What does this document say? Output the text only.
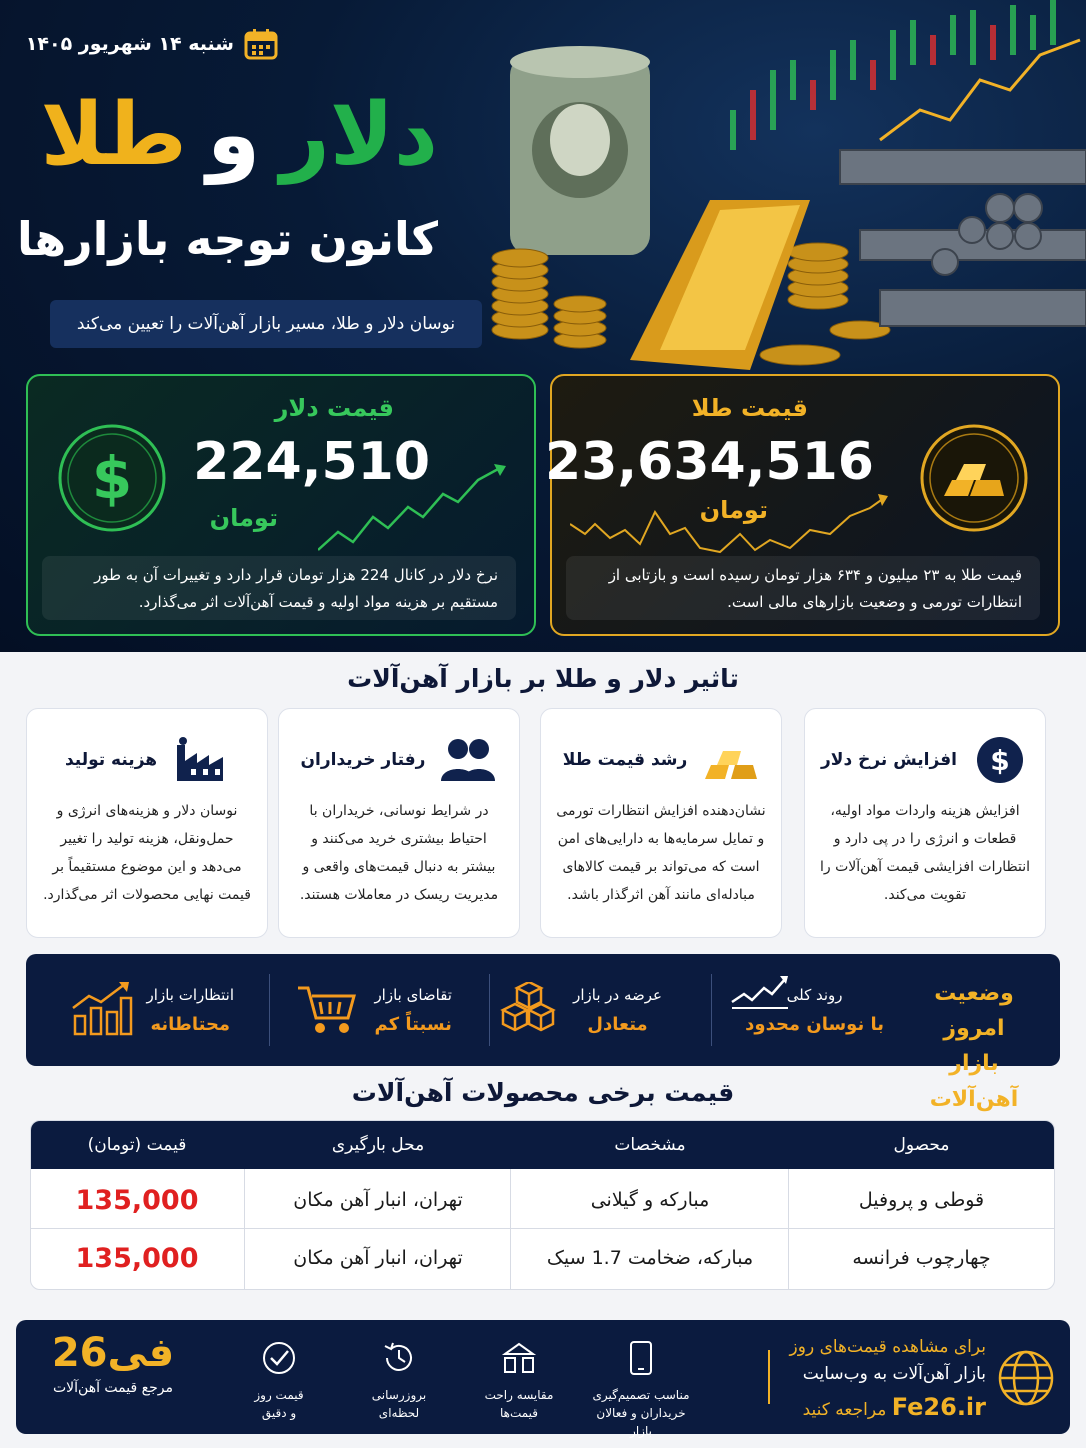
شنبه ۱۴ شهریور ۱۴۰۵
دلار
و
طلا
کانون توجه بازارها
نوسان دلار و طلا، مسیر بازار آهن‌آلات را تعیین می‌کند
$
قیمت دلار
224,510
تومان
نرخ دلار در کانال 224 هزار تومان قرار دارد و تغییرات آن به طور مستقیم بر هزینه مواد اولیه و قیمت آهن‌آلات اثر می‌گذارد.
قیمت طلا
23,634,516
تومان
قیمت طلا به ۲۳ میلیون و ۶۳۴ هزار تومان رسیده است و بازتابی از انتظارات تورمی و وضعیت بازارهای مالی است.
تاثیر دلار و طلا بر بازار آهن‌آلات
$
افزایش نرخ دلار
افزایش هزینه واردات مواد اولیه، قطعات و انرژی را در پی دارد و انتظارات افزایشی قیمت آهن‌آلات را تقویت می‌کند.
رشد قیمت طلا
نشان‌دهنده افزایش انتظارات تورمی و تمایل سرمایه‌ها به دارایی‌های امن است که می‌تواند بر قیمت کالاهای مبادله‌ای مانند آهن اثرگذار باشد.
رفتار خریداران
در شرایط نوسانی، خریداران با احتیاط بیشتری خرید می‌کنند و بیشتر به دنبال قیمت‌های واقعی و مدیریت ریسک در معاملات هستند.
هزینه تولید
نوسان دلار و هزینه‌های انرژی و حمل‌ونقل، هزینه تولید را تغییر می‌دهد و این موضوع مستقیماً بر قیمت نهایی محصولات اثر می‌گذارد.
وضعیت امروز
بازار آهن‌آلات
روند کلی
با نوسان محدود
عرضه در بازار
متعادل
تقاضای بازار
نسبتاً کم
انتظارات بازار
محتاطانه
قیمت برخی محصولات آهن‌آلات
محصول
مشخصات
محل بارگیری
قیمت (تومان)
قوطی و پروفیل
مبارکه و گیلانی
تهران، انبار آهن مکان
135,000
چهارچوب فرانسه
مبارکه، ضخامت 1.7 سیک
تهران، انبار آهن مکان
135,000
برای مشاهده قیمت‌های روز
بازار آهن‌آلات به وب‌سایت
Fe26.ir مراجعه کنید
مناسب تصمیم‌گیری
خریداران و فعالان بازار
مقایسه راحت
قیمت‌ها
بروزرسانی
لحظه‌ای
قیمت روز
و دقیق
فی26
مرجع قیمت آهن‌آلات
